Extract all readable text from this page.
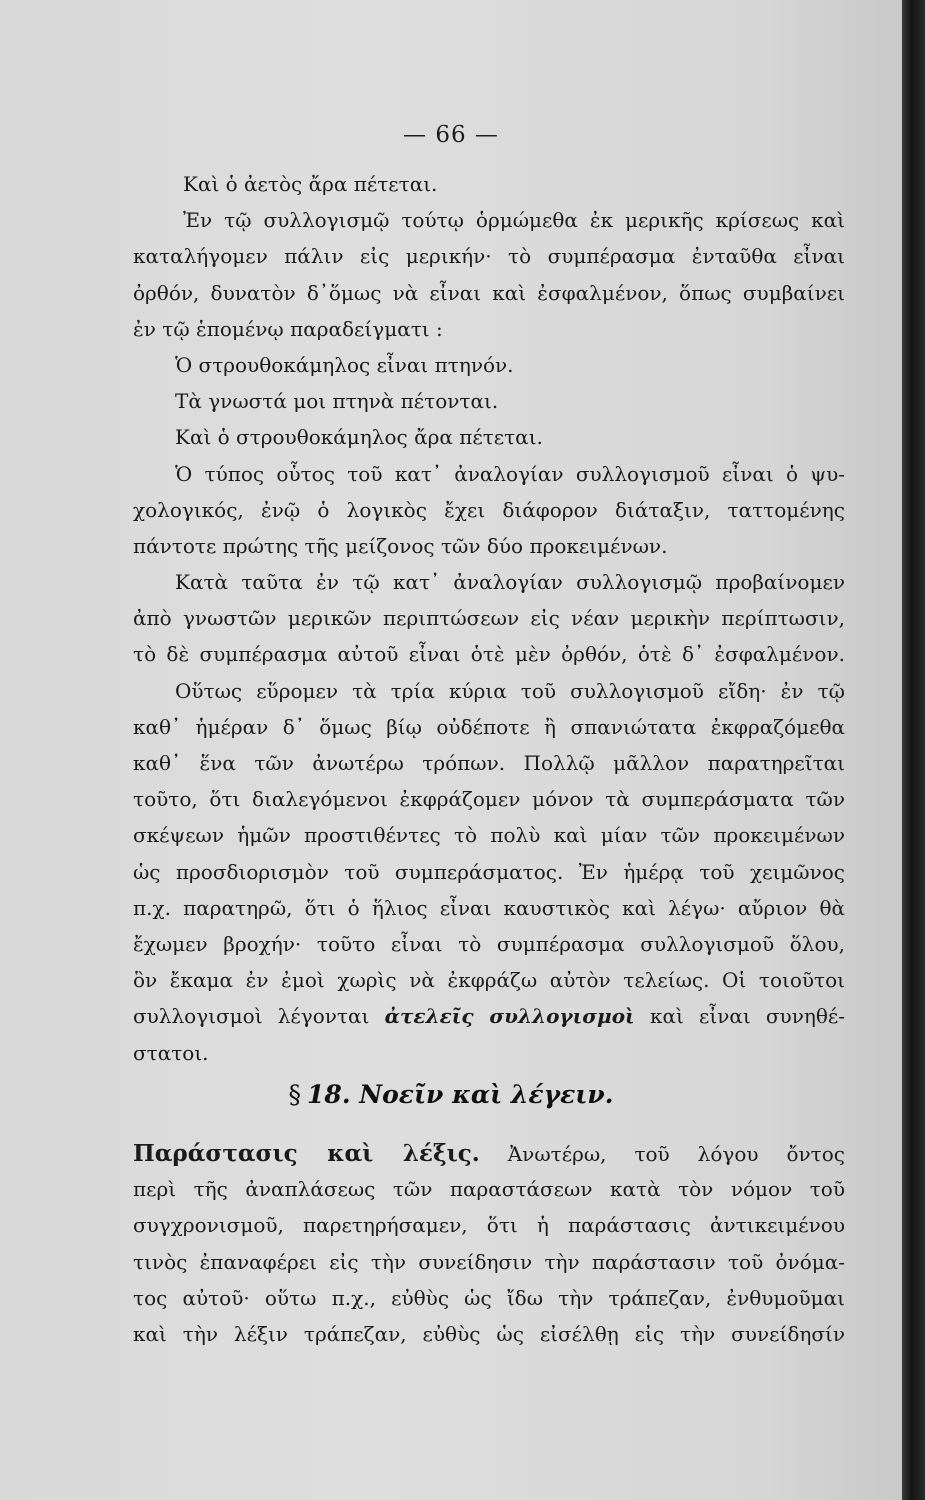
— 66 —
Καὶ ὁ ἀετὸς ἄρα πέτεται.
Ἐν τῷ συλλογισμῷ τούτῳ ὁρμώμεθα ἐκ μερικῆς κρίσεως καὶ
καταλήγομεν πάλιν εἰς μερικήν· τὸ συμπέρασμα ἐνταῦθα εἶναι
ὀρθόν, δυνατὸν δ᾽ὅμως νὰ εἶναι καὶ ἐσφαλμένον, ὅπως συμβαίνει
ἐν τῷ ἑπομένῳ παραδείγματι :
Ὁ στρουθοκάμηλος εἶναι πτηνόν.
Τὰ γνωστά μοι πτηνὰ πέτονται.
Καὶ ὁ στρουθοκάμηλος ἄρα πέτεται.
Ὁ τύπος οὗτος τοῦ κατ᾽ ἀναλογίαν συλλογισμοῦ εἶναι ὁ ψυ-
χολογικός, ἐνῷ ὁ λογικὸς ἔχει διάφορον διάταξιν, ταττομένης
πάντοτε πρώτης τῆς μείζονος τῶν δύο προκειμένων.
Κατὰ ταῦτα ἐν τῷ κατ᾽ ἀναλογίαν συλλογισμῷ προβαίνομεν
ἀπὸ γνωστῶν μερικῶν περιπτώσεων εἰς νέαν μερικὴν περίπτωσιν,
τὸ δὲ συμπέρασμα αὐτοῦ εἶναι ὁτὲ μὲν ὀρθόν, ὁτὲ δ᾽ ἐσφαλμένον.
Οὕτως εὕρομεν τὰ τρία κύρια τοῦ συλλογισμοῦ εἴδη· ἐν τῷ
καθ᾽ ἡμέραν δ᾽ ὅμως βίῳ οὐδέποτε ἢ σπανιώτατα ἐκφραζόμεθα
καθ᾽ ἕνα τῶν ἀνωτέρω τρόπων. Πολλῷ μᾶλλον παρατηρεῖται
τοῦτο, ὅτι διαλεγόμενοι ἐκφράζομεν μόνον τὰ συμπεράσματα τῶν
σκέψεων ἡμῶν προστιθέντες τὸ πολὺ καὶ μίαν τῶν προκειμένων
ὡς προσδιορισμὸν τοῦ συμπεράσματος. Ἐν ἡμέρᾳ τοῦ χειμῶνος
π.χ. παρατηρῶ, ὅτι ὁ ἥλιος εἶναι καυστικὸς καὶ λέγω· αὔριον θὰ
ἔχωμεν βροχήν· τοῦτο εἶναι τὸ συμπέρασμα συλλογισμοῦ ὅλου,
ὃν ἔκαμα ἐν ἐμοὶ χωρὶς νὰ ἐκφράζω αὐτὸν τελείως. Οἱ τοιοῦτοι
συλλογισμοὶ λέγονται ἀτελεῖς συλλογισμοὶ καὶ εἶναι συνηθέ-
στατοι.
§ 18. Νοεῖν καὶ λέγειν.
Παράστασις καὶ λέξις. Ἀνωτέρω, τοῦ λόγου ὄντος
περὶ τῆς ἀναπλάσεως τῶν παραστάσεων κατὰ τὸν νόμον τοῦ
συγχρονισμοῦ, παρετηρήσαμεν, ὅτι ἡ παράστασις ἀντικειμένου
τινὸς ἐπαναφέρει εἰς τὴν συνείδησιν τὴν παράστασιν τοῦ ὀνόμα-
τος αὐτοῦ· οὕτω π.χ., εὐθὺς ὡς ἴδω τὴν τράπεζαν, ἐνθυμοῦμαι
καὶ τὴν λέξιν τράπεζαν, εὐθὺς ὡς εἰσέλθῃ εἰς τὴν συνείδησίν
